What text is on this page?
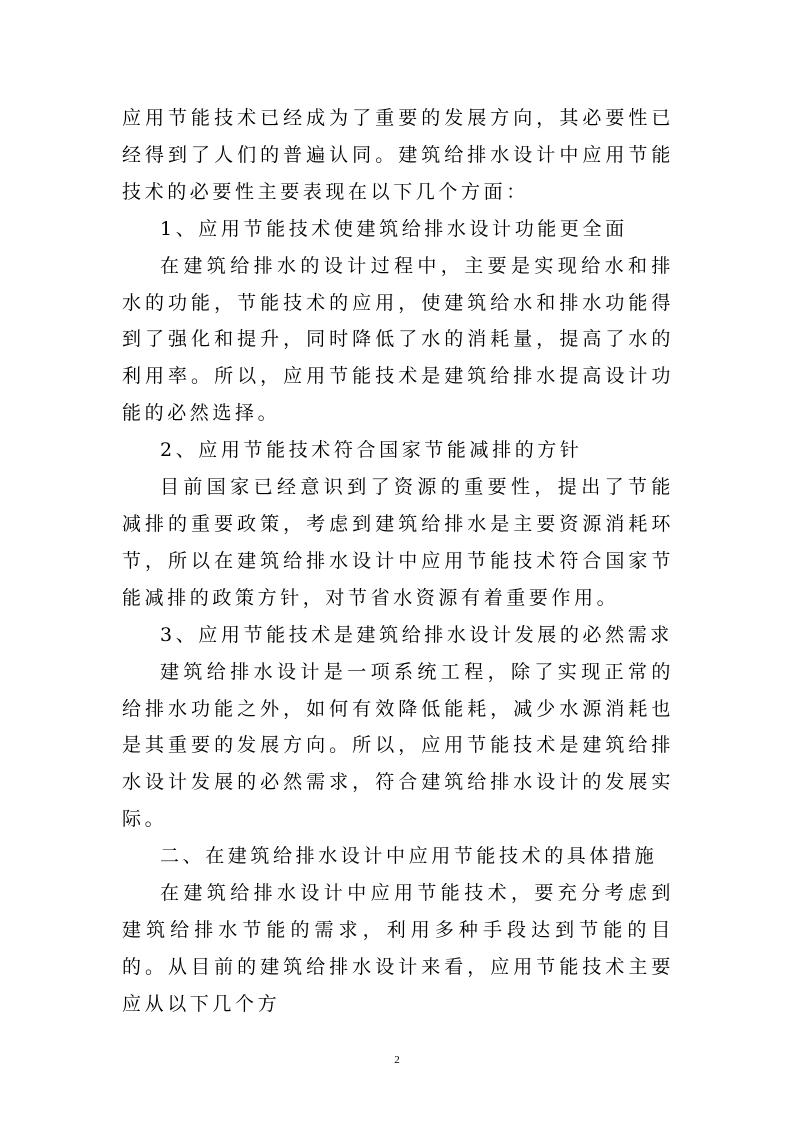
应用节能技术已经成为了重要的发展方向，其必要性已经得到了人们的普遍认同。建筑给排水设计中应用节能技术的必要性主要表现在以下几个方面：

1、应用节能技术使建筑给排水设计功能更全面

在建筑给排水的设计过程中，主要是实现给水和排水的功能，节能技术的应用，使建筑给水和排水功能得到了强化和提升，同时降低了水的消耗量，提高了水的利用率。所以，应用节能技术是建筑给排水提高设计功能的必然选择。

2、应用节能技术符合国家节能减排的方针

目前国家已经意识到了资源的重要性，提出了节能减排的重要政策，考虑到建筑给排水是主要资源消耗环节，所以在建筑给排水设计中应用节能技术符合国家节能减排的政策方针，对节省水资源有着重要作用。

3、应用节能技术是建筑给排水设计发展的必然需求

建筑给排水设计是一项系统工程，除了实现正常的给排水功能之外，如何有效降低能耗，减少水源消耗也是其重要的发展方向。所以，应用节能技术是建筑给排水设计发展的必然需求，符合建筑给排水设计的发展实际。

二、在建筑给排水设计中应用节能技术的具体措施

在建筑给排水设计中应用节能技术，要充分考虑到建筑给排水节能的需求，利用多种手段达到节能的目的。从目前的建筑给排水设计来看，应用节能技术主要应从以下几个方

2
